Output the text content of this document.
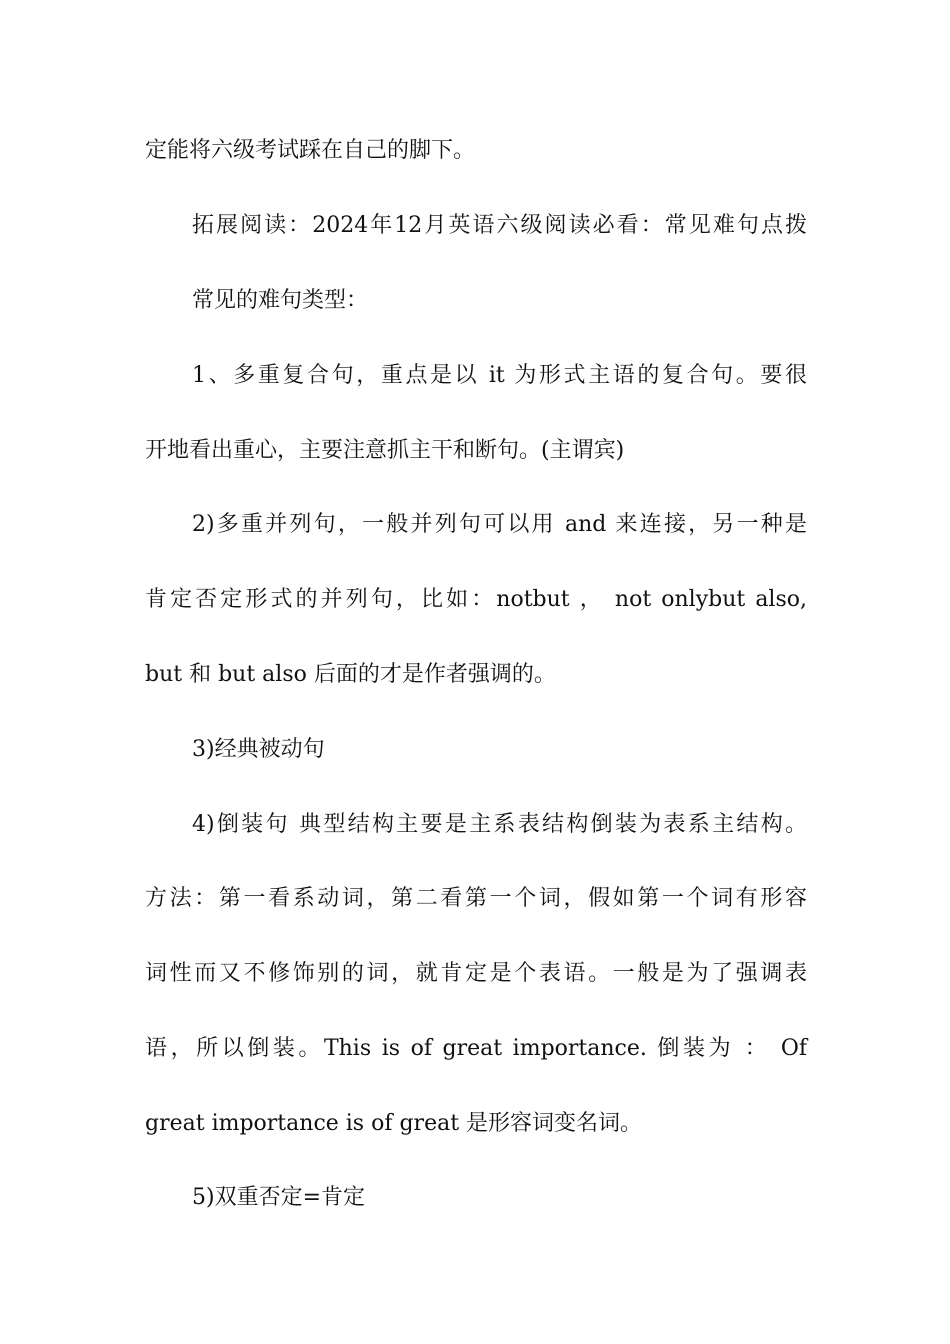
定能将六级考试踩在自己的脚下。
拓展阅读：2024年12月英语六级阅读必看：常见难句点拨
常见的难句类型：
1、多重复合句，重点是以 it 为形式主语的复合句。要很
开地看出重心，主要注意抓主干和断句。(主谓宾)
2)多重并列句，一般并列句可以用 and 来连接，另一种是
肯定否定形式的并列句，比如：notbut ， not onlybut also,
but 和 but also 后面的才是作者强调的。
3)经典被动句
4)倒装句 典型结构主要是主系表结构倒装为表系主结构。
方法：第一看系动词，第二看第一个词，假如第一个词有形容
词性而又不修饰别的词，就肯定是个表语。一般是为了强调表
语，所以倒装。This is of great importance. 倒装为 ： Of
great importance is of great 是形容词变名词。
5)双重否定=肯定
